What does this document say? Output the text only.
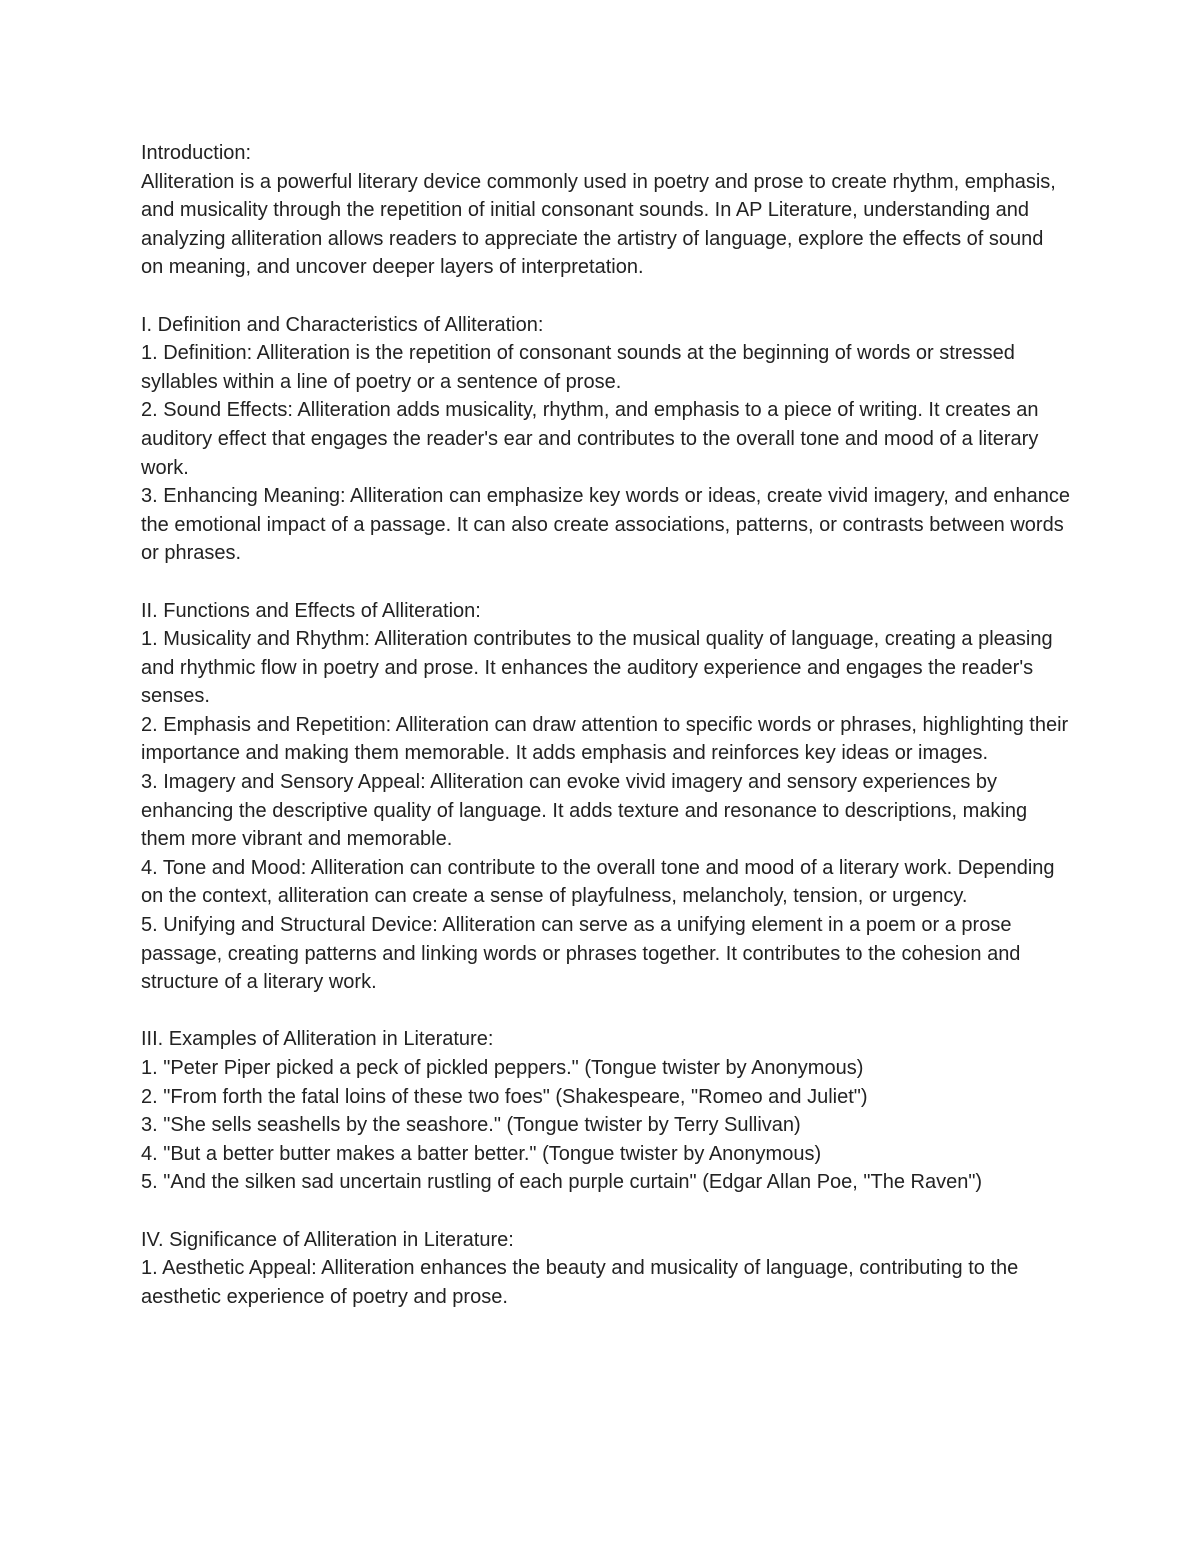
Introduction:
Alliteration is a powerful literary device commonly used in poetry and prose to create rhythm, emphasis, and musicality through the repetition of initial consonant sounds. In AP Literature, understanding and analyzing alliteration allows readers to appreciate the artistry of language, explore the effects of sound on meaning, and uncover deeper layers of interpretation.
I. Definition and Characteristics of Alliteration:
1. Definition: Alliteration is the repetition of consonant sounds at the beginning of words or stressed syllables within a line of poetry or a sentence of prose.
2. Sound Effects: Alliteration adds musicality, rhythm, and emphasis to a piece of writing. It creates an auditory effect that engages the reader's ear and contributes to the overall tone and mood of a literary work.
3. Enhancing Meaning: Alliteration can emphasize key words or ideas, create vivid imagery, and enhance the emotional impact of a passage. It can also create associations, patterns, or contrasts between words or phrases.
II. Functions and Effects of Alliteration:
1. Musicality and Rhythm: Alliteration contributes to the musical quality of language, creating a pleasing and rhythmic flow in poetry and prose. It enhances the auditory experience and engages the reader's senses.
2. Emphasis and Repetition: Alliteration can draw attention to specific words or phrases, highlighting their importance and making them memorable. It adds emphasis and reinforces key ideas or images.
3. Imagery and Sensory Appeal: Alliteration can evoke vivid imagery and sensory experiences by enhancing the descriptive quality of language. It adds texture and resonance to descriptions, making them more vibrant and memorable.
4. Tone and Mood: Alliteration can contribute to the overall tone and mood of a literary work. Depending on the context, alliteration can create a sense of playfulness, melancholy, tension, or urgency.
5. Unifying and Structural Device: Alliteration can serve as a unifying element in a poem or a prose passage, creating patterns and linking words or phrases together. It contributes to the cohesion and structure of a literary work.
III. Examples of Alliteration in Literature:
1. "Peter Piper picked a peck of pickled peppers." (Tongue twister by Anonymous)
2. "From forth the fatal loins of these two foes" (Shakespeare, "Romeo and Juliet")
3. "She sells seashells by the seashore." (Tongue twister by Terry Sullivan)
4. "But a better butter makes a batter better." (Tongue twister by Anonymous)
5. "And the silken sad uncertain rustling of each purple curtain" (Edgar Allan Poe, "The Raven")
IV. Significance of Alliteration in Literature:
1. Aesthetic Appeal: Alliteration enhances the beauty and musicality of language, contributing to the aesthetic experience of poetry and prose.
